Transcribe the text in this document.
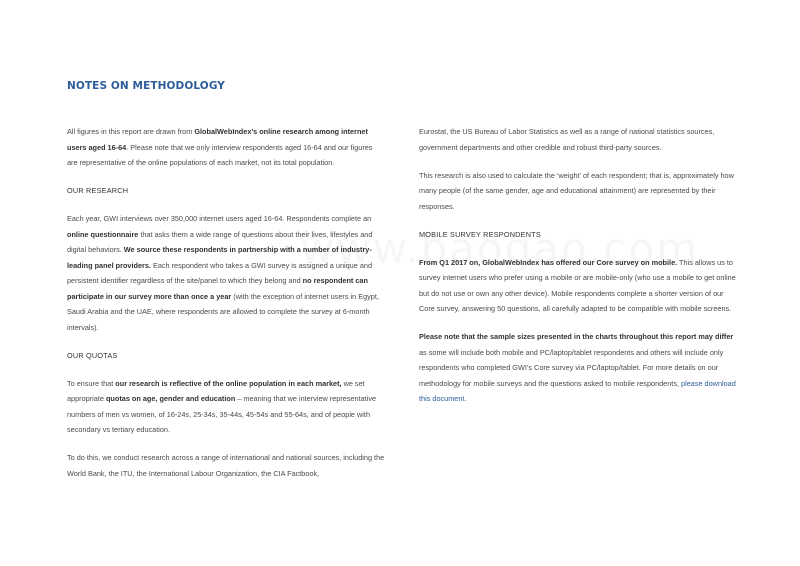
NOTES ON METHODOLOGY

All figures in this report are drawn from GlobalWebIndex’s online research among internet users aged 16-64. Please note that we only interview respondents aged 16-64 and our figures are representative of the online populations of each market, not its total population.

OUR RESEARCH

Each year, GWI interviews over 350,000 internet users aged 16-64. Respondents complete an online questionnaire that asks them a wide range of questions about their lives, lifestyles and digital behaviors. We source these respondents in partnership with a number of industry-leading panel providers. Each respondent who takes a GWI survey is assigned a unique and persistent identifier regardless of the site/panel to which they belong and no respondent can participate in our survey more than once a year (with the exception of internet users in Egypt, Saudi Arabia and the UAE, where respondents are allowed to complete the survey at 6-month intervals).

OUR QUOTAS

To ensure that our research is reflective of the online population in each market, we set appropriate quotas on age, gender and education – meaning that we interview representative numbers of men vs women, of 16-24s, 25-34s, 35-44s, 45-54s and 55-64s, and of people with secondary vs tertiary education.

To do this, we conduct research across a range of international and national sources, including the World Bank, the ITU, the International Labour Organization, the CIA Factbook,

Eurostat, the US Bureau of Labor Statistics as well as a range of national statistics sources, government departments and other credible and robust third-party sources.

This research is also used to calculate the ‘weight’ of each respondent; that is, approximately how many people (of the same gender, age and educational attainment) are represented by their responses.

MOBILE SURVEY RESPONDENTS

From Q1 2017 on, GlobalWebIndex has offered our Core survey on mobile. This allows us to survey internet users who prefer using a mobile or are mobile-only (who use a mobile to get online but do not use or own any other device). Mobile respondents complete a shorter version of our Core survey, answering 50 questions, all carefully adapted to be compatible with mobile screens.

Please note that the sample sizes presented in the charts throughout this report may differ as some will include both mobile and PC/laptop/tablet respondents and others will include only respondents who completed GWI’s Core survey via PC/laptop/tablet. For more details on our methodology for mobile surveys and the questions asked to mobile respondents, please download this document.
